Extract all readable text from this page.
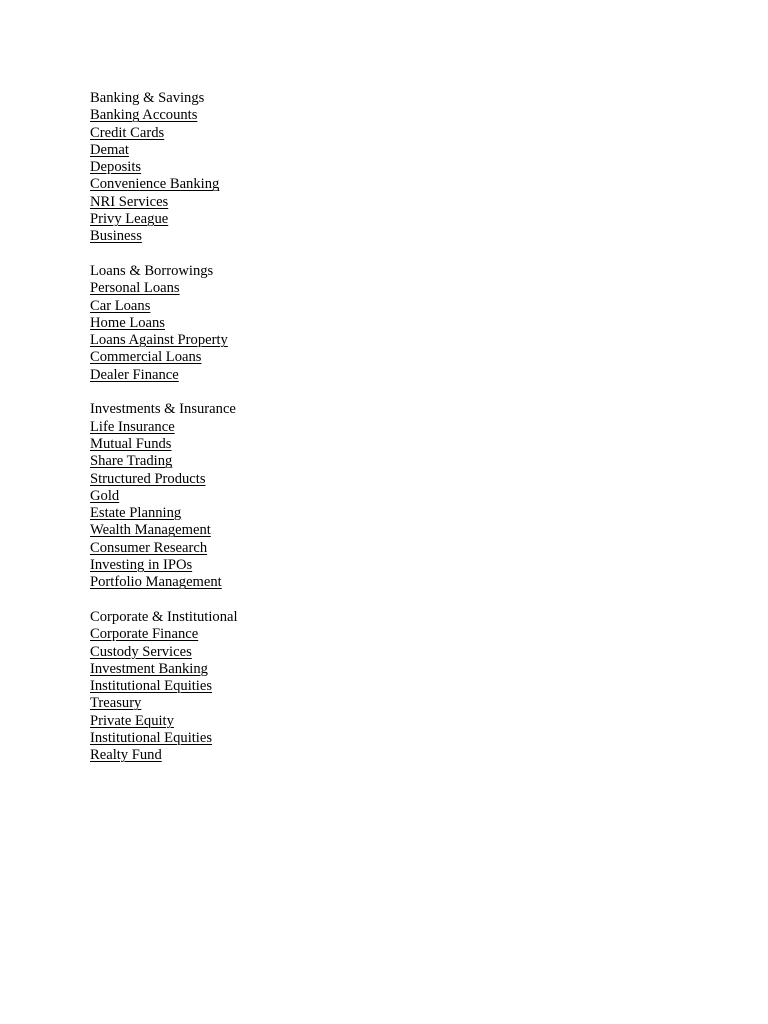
Banking & Savings
Banking Accounts
Credit Cards
Demat
Deposits
Convenience Banking
NRI Services
Privy League
Business
Loans & Borrowings
Personal Loans
Car Loans
Home Loans
Loans Against Property
Commercial Loans
Dealer Finance
Investments & Insurance
Life Insurance
Mutual Funds
Share Trading
Structured Products
Gold
Estate Planning
Wealth Management
Consumer Research
Investing in IPOs
Portfolio Management
Corporate & Institutional
Corporate Finance
Custody Services
Investment Banking
Institutional Equities
Treasury
Private Equity
Institutional Equities
Realty Fund
